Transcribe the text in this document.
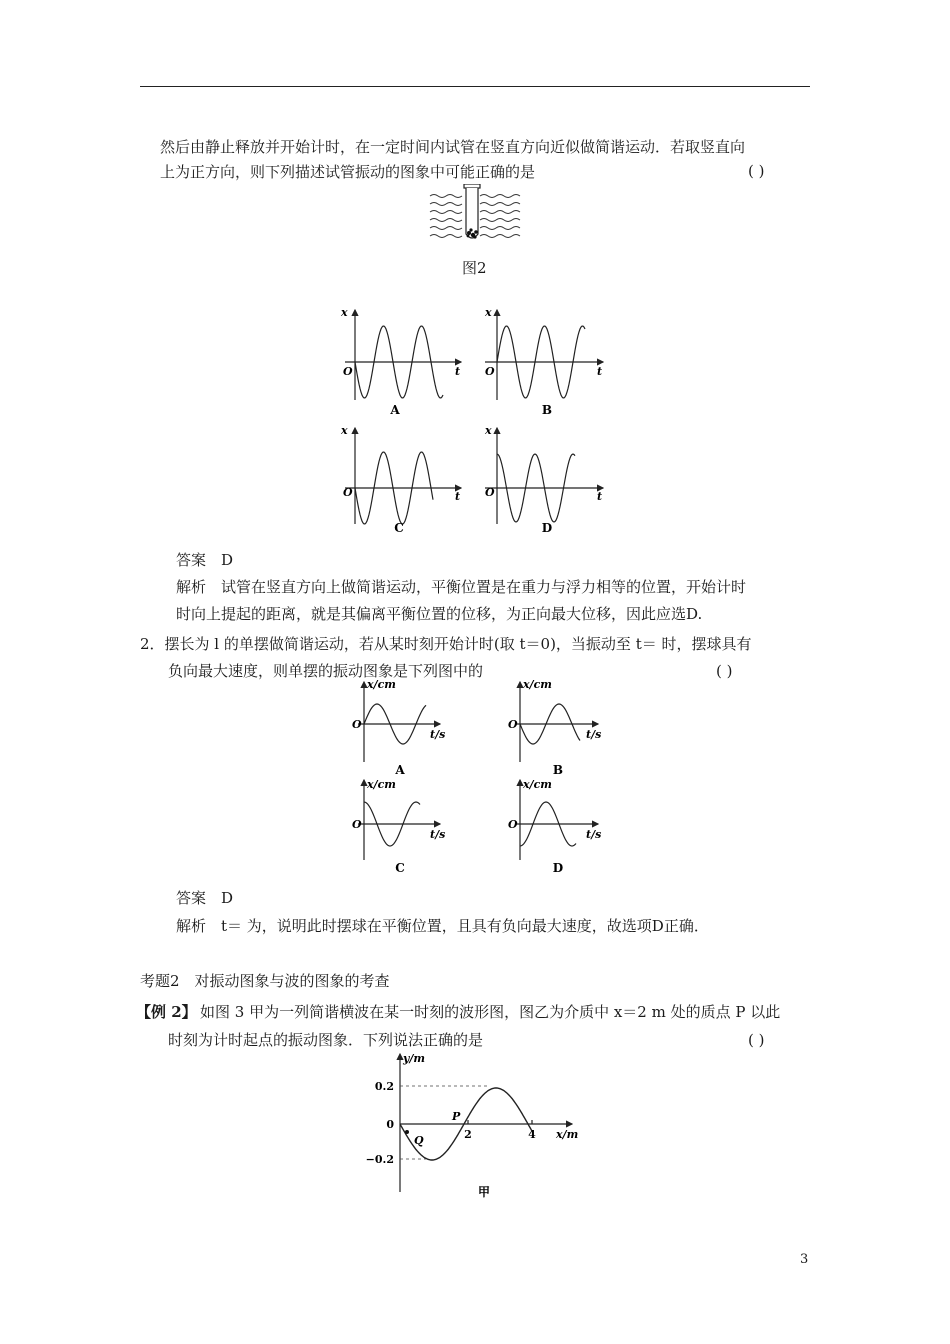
然后由静止释放并开始计时，在一定时间内试管在竖直方向近似做简谐运动．若取竖直向
上为正方向，则下列描述试管振动的图象中可能正确的是	( )
图2
x
t
O
A
x
t
O
B
x
t
O
C
x
t
O
D
答案　D
解析　试管在竖直方向上做简谐运动，平衡位置是在重力与浮力相等的位置，开始计时
时向上提起的距离，就是其偏离平衡位置的位移，为正向最大位移，因此应选D.
2．摆长为 l 的单摆做简谐运动，若从某时刻开始计时(取 t＝0)，当振动至 t＝ 时，摆球具有
负向最大速度，则单摆的振动图象是下列图中的	( )
x/cm
t/s
O
A
x/cm
t/s
O
B
x/cm
t/s
O
C
x/cm
t/s
O
D
答案　D
解析　t＝ 为，说明此时摆球在平衡位置，且具有负向最大速度，故选项D正确．
考题2　对振动图象与波的图象的考查
【例 2】 如图 3 甲为一列简谐横波在某一时刻的波形图，图乙为介质中 x＝2 m 处的质点 P 以此
时刻为计时起点的振动图象．下列说法正确的是	( )
y/m
x/m
0.2
0
−0.2
2	4
P
Q
甲
3
